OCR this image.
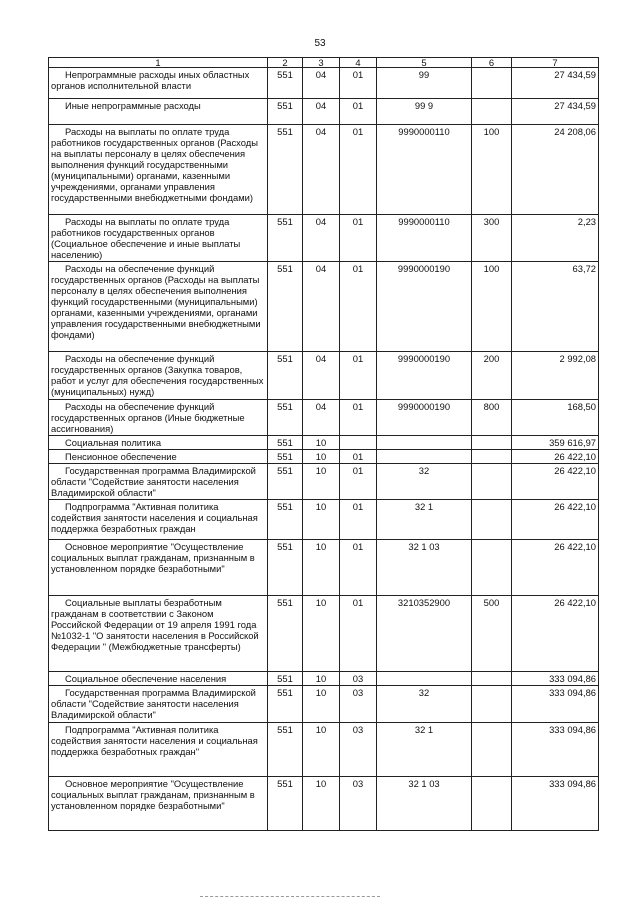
53
1	2	3	4	5	6	7

Непрограммные расходы иных областных органов исполнительной власти	551	04	01	99		27 434,59

Иные непрограммные расходы	551	04	01	99 9		27 434,59

Расходы на выплаты по оплате труда работников государственных органов (Расходы на выплаты персоналу в целях обеспечения выполнения функций государственными (муниципальными) органами, казенными учреждениями, органами управления государственными внебюджетными фондами)	551	04	01	9990000110	100	24 208,06

Расходы на выплаты по оплате труда работников государственных органов (Социальное обеспечение и иные выплаты населению)	551	04	01	9990000110	300	2,23

Расходы на обеспечение функций государственных органов (Расходы на выплаты персоналу в целях обеспечения выполнения функций государственными (муниципальными) органами, казенными учреждениями, органами управления государственными внебюджетными фондами)	551	04	01	9990000190	100	63,72

Расходы на обеспечение функций государственных органов (Закупка товаров, работ и услуг для обеспечения государственных (муниципальных) нужд)	551	04	01	9990000190	200	2 992,08

Расходы на обеспечение функций государственных органов (Иные бюджетные ассигнования)	551	04	01	9990000190	800	168,50

Социальная политика	551	10				359 616,97

Пенсионное обеспечение	551	10	01			26 422,10

Государственная программа Владимирской области "Содействие занятости населения Владимирской области"	551	10	01	32		26 422,10

Подпрограмма "Активная политика содействия занятости населения и социальная поддержка безработных граждан	551	10	01	32 1		26 422,10

Основное мероприятие "Осуществление социальных выплат гражданам, признанным в установленном порядке безработными"	551	10	01	32 1 03		26 422,10

Социальные выплаты безработным гражданам в соответствии с Законом Российской Федерации от 19 апреля 1991 года №1032-1 "О занятости населения в Российской Федерации " (Межбюджетные трансферты)	551	10	01	3210352900	500	26 422,10

Социальное обеспечение населения	551	10	03			333 094,86

Государственная программа Владимирской области "Содействие занятости населения Владимирской области"	551	10	03	32		333 094,86

Подпрограмма "Активная политика содействия занятости населения и социальная поддержка безработных граждан"	551	10	03	32 1		333 094,86

Основное мероприятие "Осуществление социальных выплат гражданам, признанным в установленном порядке безработными"	551	10	03	32 1 03		333 094,86
